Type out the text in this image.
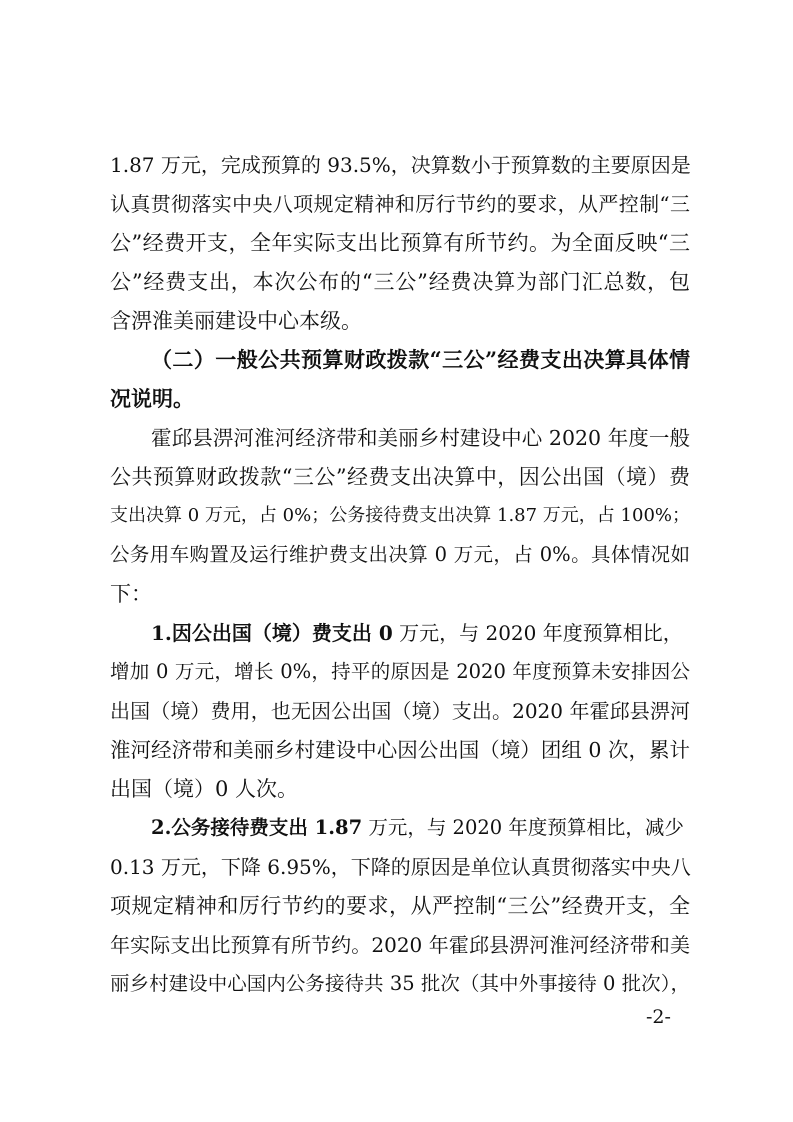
1.87 万元，完成预算的 93.5%，决算数小于预算数的主要原因是
认真贯彻落实中央八项规定精神和厉行节约的要求，从严控制“三
公”经费开支，全年实际支出比预算有所节约。为全面反映“三
公”经费支出，本次公布的“三公”经费决算为部门汇总数，包
含淠淮美丽建设中心本级。
（二）一般公共预算财政拨款“三公”经费支出决算具体情
况说明。
霍邱县淠河淮河经济带和美丽乡村建设中心 2020 年度一般
公共预算财政拨款“三公”经费支出决算中，因公出国（境）费
支出决算 0 万元，占 0%；公务接待费支出决算 1.87 万元，占 100%；
公务用车购置及运行维护费支出决算 0 万元，占 0%。具体情况如
下：
1.因公出国（境）费支出 0 万元，与 2020 年度预算相比，
增加 0 万元，增长 0%，持平的原因是 2020 年度预算未安排因公
出国（境）费用，也无因公出国（境）支出。2020 年霍邱县淠河
淮河经济带和美丽乡村建设中心因公出国（境）团组 0 次，累计
出国（境）0 人次。
2.公务接待费支出 1.87 万元，与 2020 年度预算相比，减少
0.13 万元，下降 6.95%，下降的原因是单位认真贯彻落实中央八
项规定精神和厉行节约的要求，从严控制“三公”经费开支，全
年实际支出比预算有所节约。2020 年霍邱县淠河淮河经济带和美
丽乡村建设中心国内公务接待共 35 批次（其中外事接待 0 批次），
-2-
